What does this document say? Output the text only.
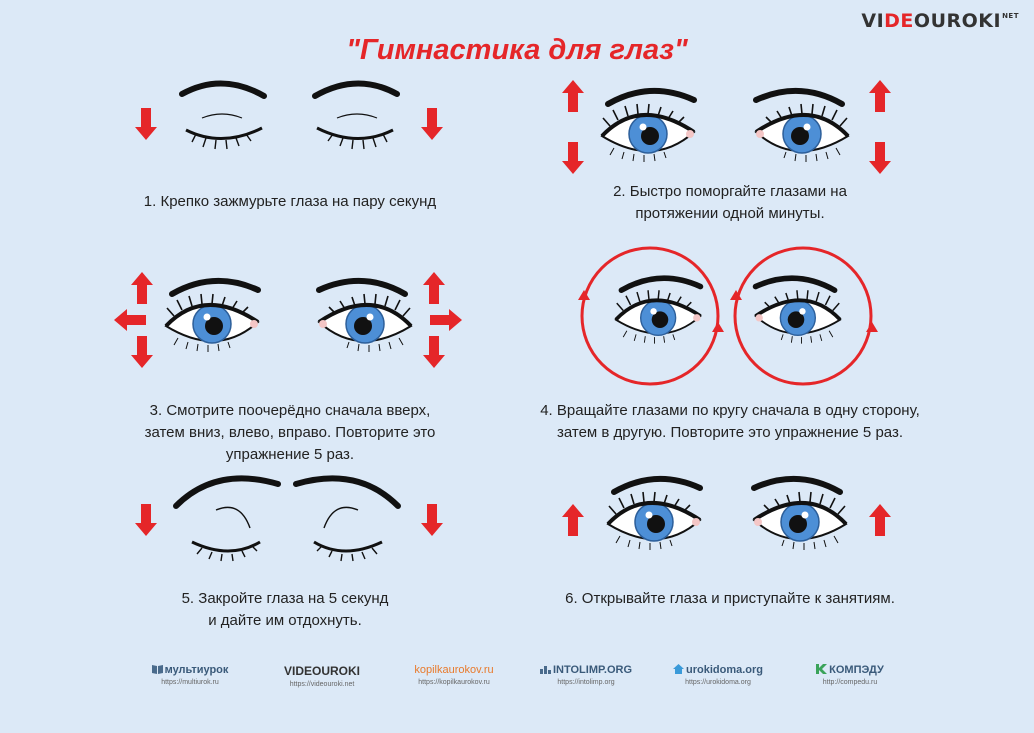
$VIDEOUROKI^{NET}$
"Гимнастика для глаз"
1. Крепко зажмурьте глаза на пару секунд
2. Быстро поморгайте глазами на
протяжении одной минуты.
3. Смотрите поочерёдно сначала вверх,
затем вниз, влево, вправо. Повторите это
упражнение 5 раз.
4. Вращайте глазами по кругу сначала в одну сторону,
затем в другую. Повторите это упражнение 5 раз.
5. Закройте глаза на 5 секунд
и дайте им отдохнуть.
6. Открывайте глаза и приступайте к занятиям.
мультиурок
https://multiurok.ru
VIDEOUROKI
https://videouroki.net
kopilkaurokov.ru
https://kopilkaurokov.ru
INTOLIMP.ORG
https://intolimp.org
urokidoma.org
https://urokidoma.org
КОМПЭДУ
http://compedu.ru
